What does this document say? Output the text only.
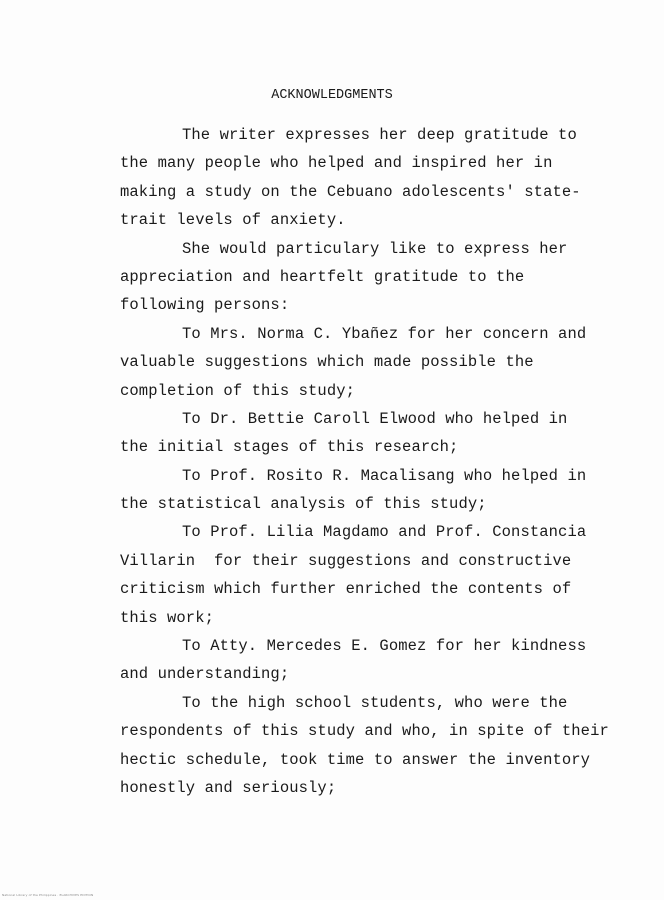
ACKNOWLEDGMENTS
The writer expresses her deep gratitude to
the many people who helped and inspired her in
making a study on the Cebuano adolescents' state-
trait levels of anxiety.
She would particulary like to express her
appreciation and heartfelt gratitude to the
following persons:
To Mrs. Norma C. Ybañez for her concern and
valuable suggestions which made possible the
completion of this study;
To Dr. Bettie Caroll Elwood who helped in
the initial stages of this research;
To Prof. Rosito R. Macalisang who helped in
the statistical analysis of this study;
To Prof. Lilia Magdamo and Prof. Constancia
Villarin  for their suggestions and constructive
criticism which further enriched the contents of
this work;
To Atty. Mercedes E. Gomez for her kindness
and understanding;
To the high school students, who were the
respondents of this study and who, in spite of their
hectic schedule, took time to answer the inventory
honestly and seriously;
National Library of the Philippines · ELARCHIVES EDITION
